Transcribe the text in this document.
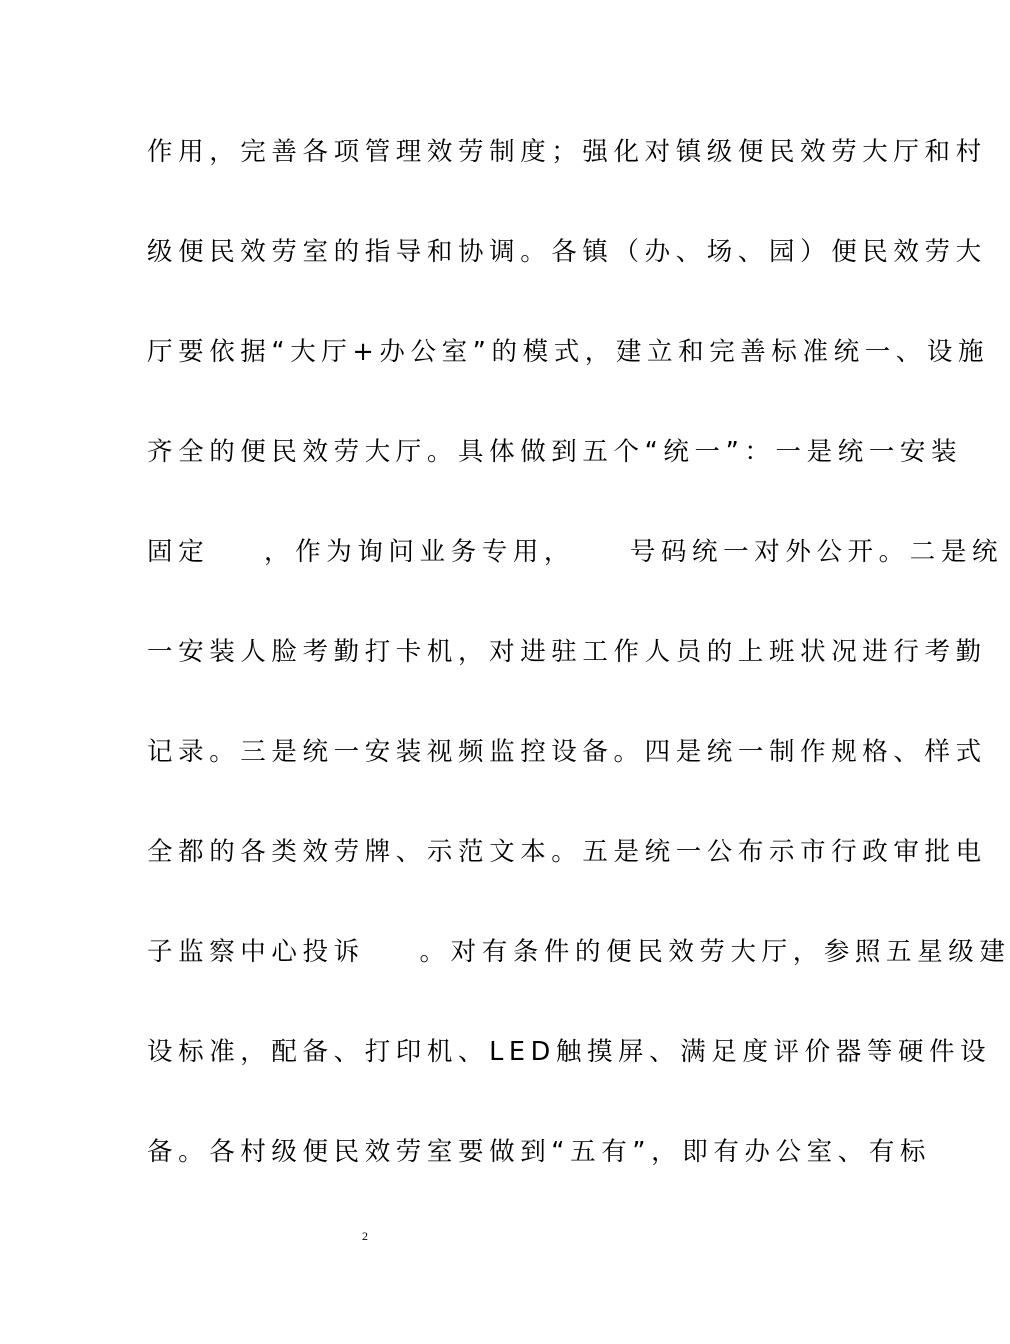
作用，完善各项管理效劳制度；强化对镇级便民效劳大厅和村
级便民效劳室的指导和协调。各镇（办、场、园）便民效劳大
厅要依据“大厅+办公室”的模式，建立和完善标准统一、设施
齐全的便民效劳大厅。具体做到五个“统一”：一是统一安装
固定    ，作为询问业务专用，    号码统一对外公开。二是统
一安装人脸考勤打卡机，对进驻工作人员的上班状况进行考勤
记录。三是统一安装视频监控设备。四是统一制作规格、样式
全都的各类效劳牌、示范文本。五是统一公布示市行政审批电
子监察中心投诉    。对有条件的便民效劳大厅，参照五星级建
设标准，配备、打印机、LED触摸屏、满足度评价器等硬件设
备。各村级便民效劳室要做到“五有”，即有办公室、有标
2
